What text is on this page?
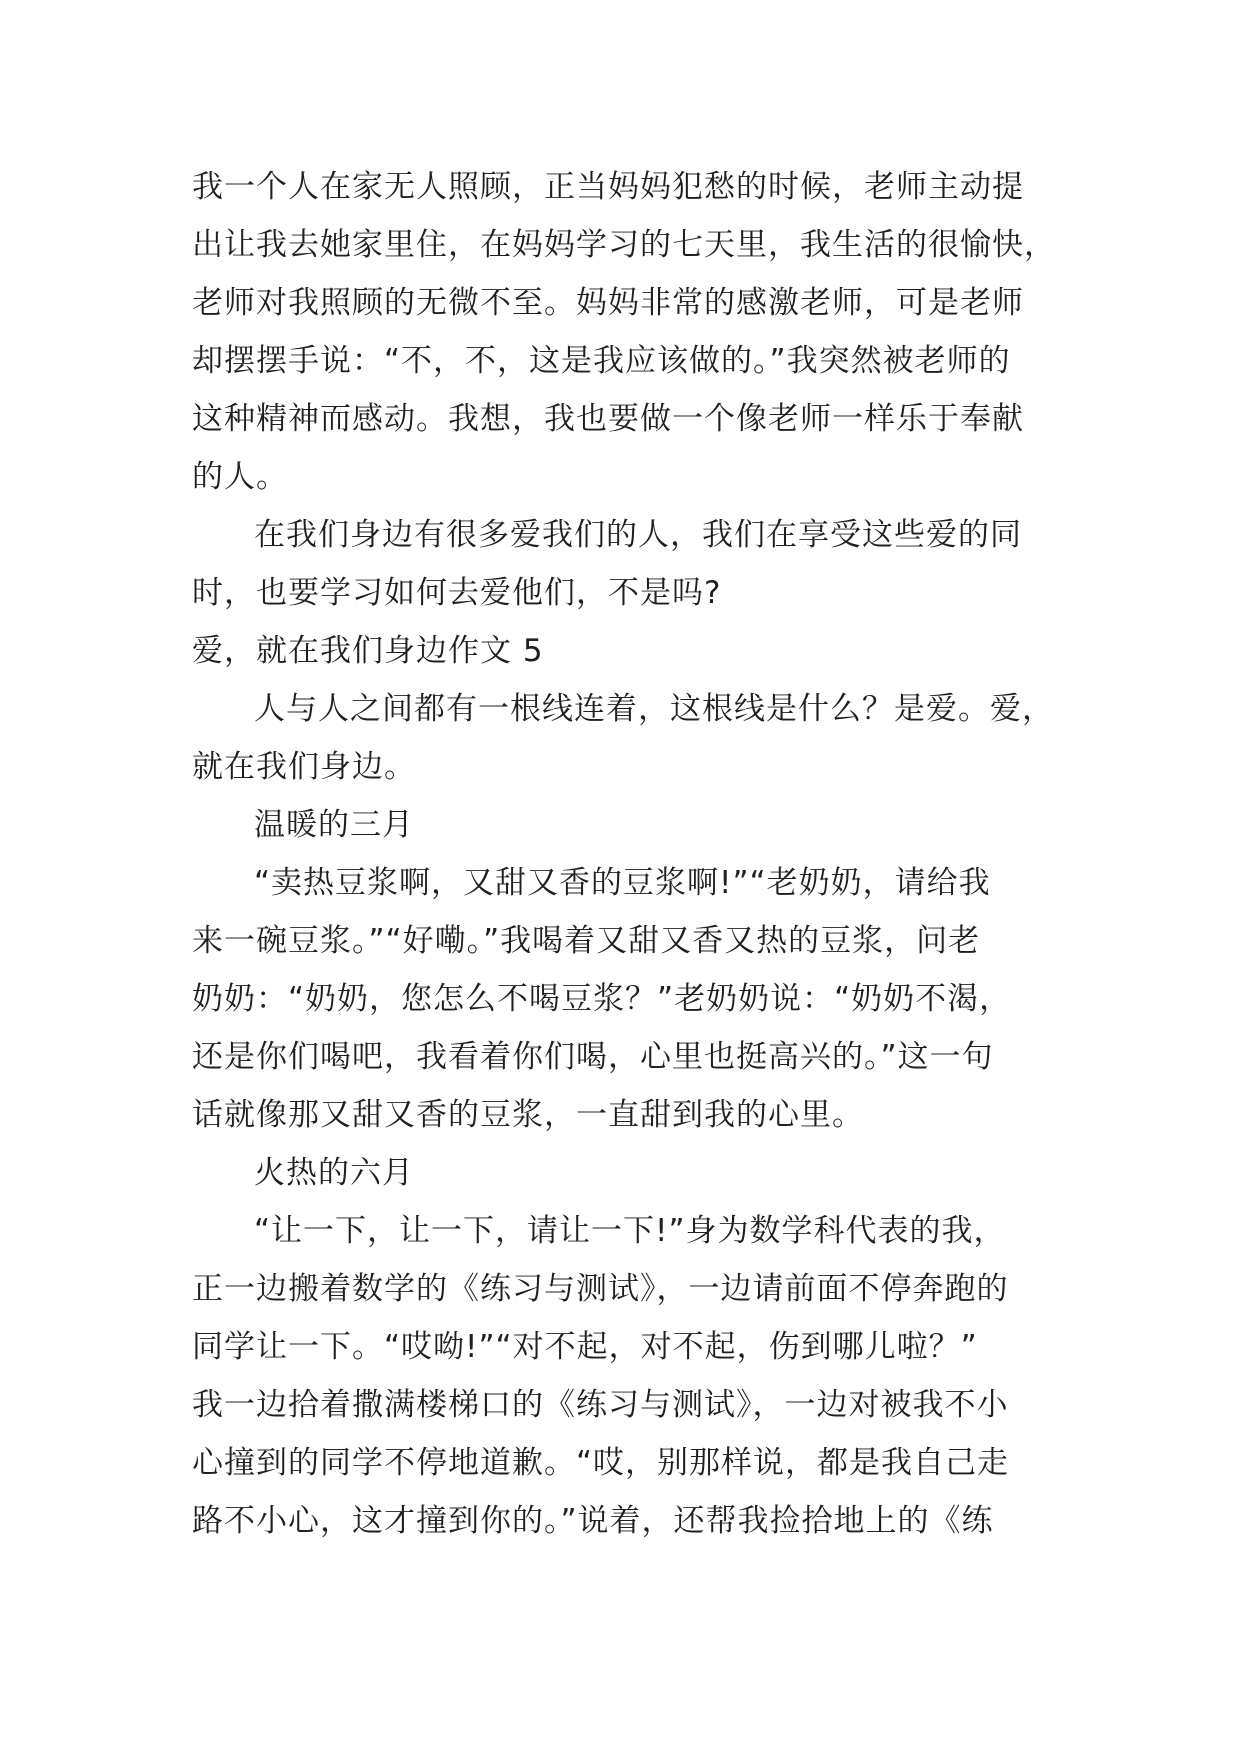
我一个人在家无人照顾，正当妈妈犯愁的时候，老师主动提
出让我去她家里住，在妈妈学习的七天里，我生活的很愉快，
老师对我照顾的无微不至。妈妈非常的感激老师，可是老师
却摆摆手说：“不，不，这是我应该做的。”我突然被老师的
这种精神而感动。我想，我也要做一个像老师一样乐于奉献
的人。
在我们身边有很多爱我们的人，我们在享受这些爱的同
时，也要学习如何去爱他们，不是吗?
爱，就在我们身边作文 5
人与人之间都有一根线连着，这根线是什么？是爱。爱，
就在我们身边。
温暖的三月
“卖热豆浆啊，又甜又香的豆浆啊!”“老奶奶，请给我
来一碗豆浆。”“好嘞。”我喝着又甜又香又热的豆浆，问老
奶奶：“奶奶，您怎么不喝豆浆？”老奶奶说：“奶奶不渴，
还是你们喝吧，我看着你们喝，心里也挺高兴的。”这一句
话就像那又甜又香的豆浆，一直甜到我的心里。
火热的六月
“让一下，让一下，请让一下!”身为数学科代表的我，
正一边搬着数学的《练习与测试》，一边请前面不停奔跑的
同学让一下。“哎呦!”“对不起，对不起，伤到哪儿啦？”
我一边拾着撒满楼梯口的《练习与测试》，一边对被我不小
心撞到的同学不停地道歉。“哎，别那样说，都是我自己走
路不小心，这才撞到你的。”说着，还帮我捡拾地上的《练
